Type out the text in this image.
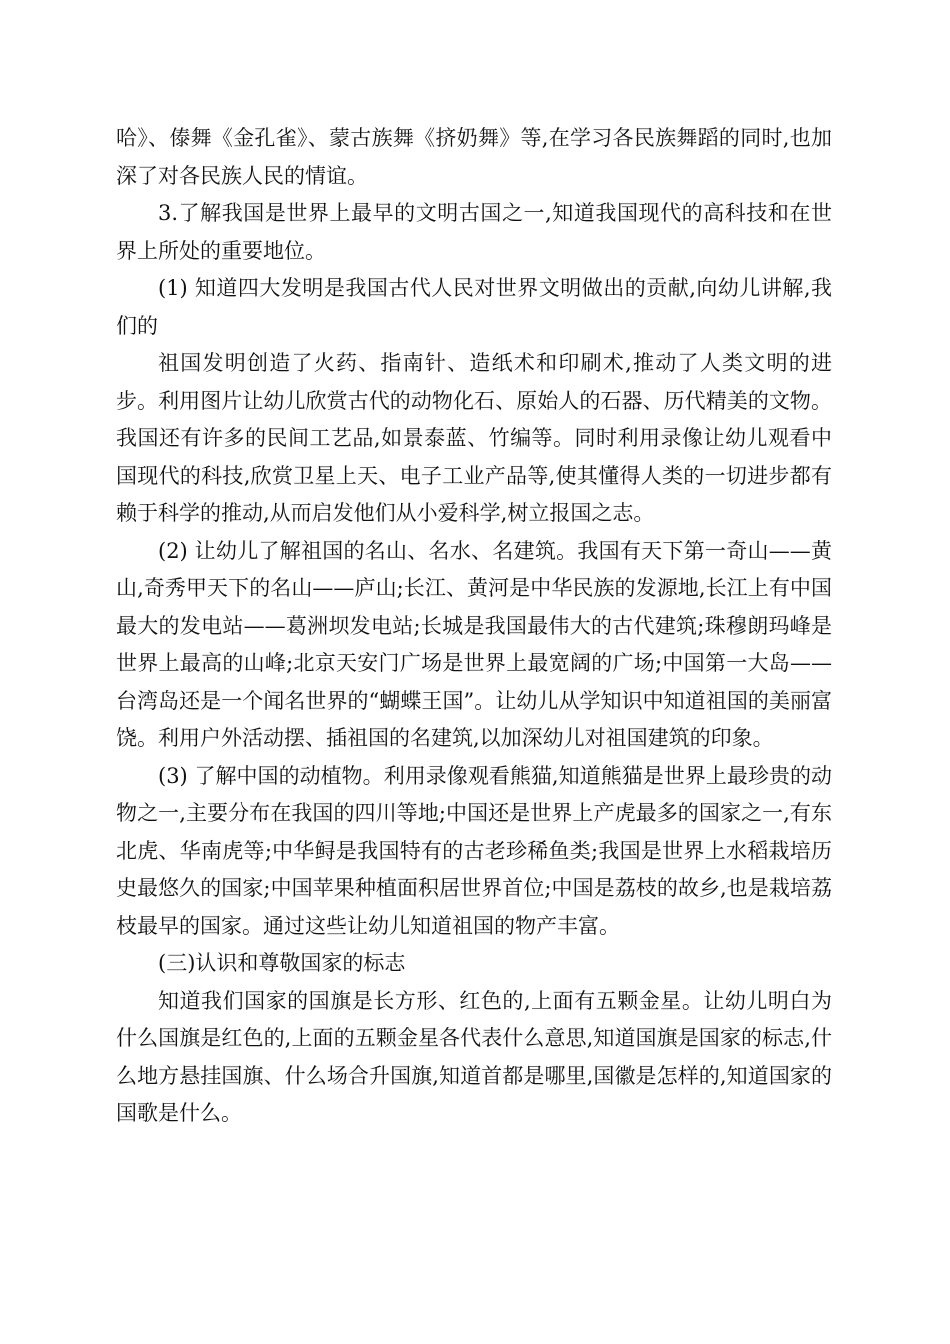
哈》、傣舞《金孔雀》、蒙古族舞《挤奶舞》等,在学习各民族舞蹈的同时,也加深了对各民族人民的情谊。

3.了解我国是世界上最早的文明古国之一,知道我国现代的高科技和在世界上所处的重要地位。

(1) 知道四大发明是我国古代人民对世界文明做出的贡献,向幼儿讲解,我们的

祖国发明创造了火药、指南针、造纸术和印刷术,推动了人类文明的进步。利用图片让幼儿欣赏古代的动物化石、原始人的石器、历代精美的文物。我国还有许多的民间工艺品,如景泰蓝、竹编等。同时利用录像让幼儿观看中国现代的科技,欣赏卫星上天、电子工业产品等,使其懂得人类的一切进步都有赖于科学的推动,从而启发他们从小爱科学,树立报国之志。

(2) 让幼儿了解祖国的名山、名水、名建筑。我国有天下第一奇山——黄山,奇秀甲天下的名山——庐山;长江、黄河是中华民族的发源地,长江上有中国最大的发电站——葛洲坝发电站;长城是我国最伟大的古代建筑;珠穆朗玛峰是世界上最高的山峰;北京天安门广场是世界上最宽阔的广场;中国第一大岛——台湾岛还是一个闻名世界的“蝴蝶王国”。让幼儿从学知识中知道祖国的美丽富饶。利用户外活动摆、插祖国的名建筑,以加深幼儿对祖国建筑的印象。

(3) 了解中国的动植物。利用录像观看熊猫,知道熊猫是世界上最珍贵的动物之一,主要分布在我国的四川等地;中国还是世界上产虎最多的国家之一,有东北虎、华南虎等;中华鲟是我国特有的古老珍稀鱼类;我国是世界上水稻栽培历史最悠久的国家;中国苹果种植面积居世界首位;中国是荔枝的故乡,也是栽培荔枝最早的国家。通过这些让幼儿知道祖国的物产丰富。

(三)认识和尊敬国家的标志

知道我们国家的国旗是长方形、红色的,上面有五颗金星。让幼儿明白为什么国旗是红色的,上面的五颗金星各代表什么意思,知道国旗是国家的标志,什么地方悬挂国旗、什么场合升国旗,知道首都是哪里,国徽是怎样的,知道国家的国歌是什么。
